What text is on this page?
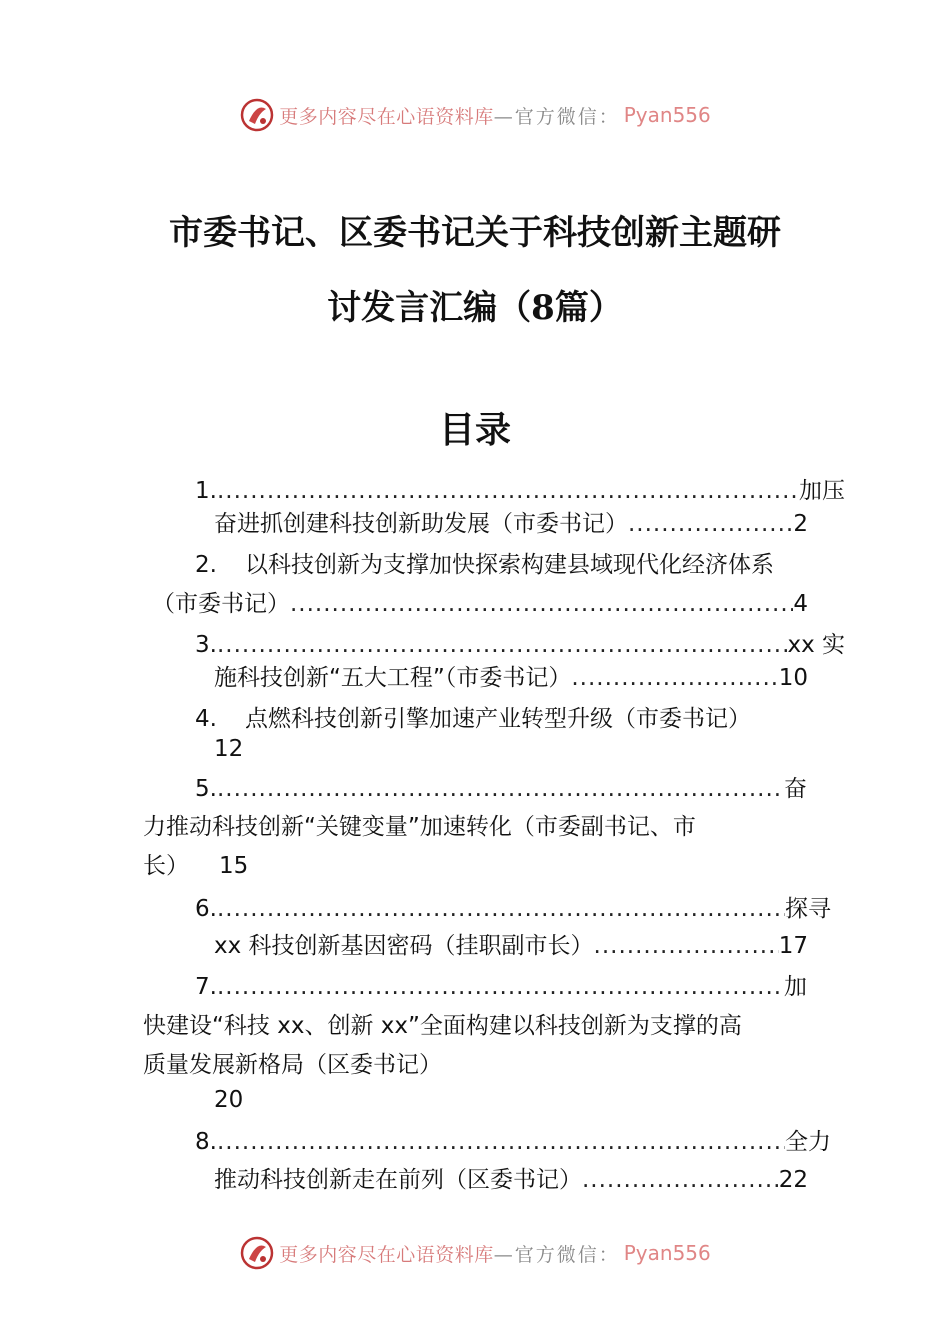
更多内容尽在心语资料库 —官方微信： Pyan556
市委书记、区委书记关于科技创新主题研
讨发言汇编（8篇）
目录
1. .....	加压
奋进抓创建科技创新助发展（市委书记） .....	2
2. 以科技创新为支撑加快探索构建县域现代化经济体系
（市委书记） .....	4
3. .....	xx 实
施科技创新“五大工程”（市委书记） .....	10
4. 点燃科技创新引擎加速产业转型升级（市委书记）
12
5. .....	奋
力推动科技创新“关键变量”加速转化（市委副书记、市
长） 15
6. .....	探寻
xx 科技创新基因密码（挂职副市长） .....	17
7. .....	加
快建设“科技 xx、创新 xx”全面构建以科技创新为支撑的高
质量发展新格局（区委书记）
20
8. .....	全力
推动科技创新走在前列（区委书记） .....	22
更多内容尽在心语资料库 —官方微信： Pyan556
